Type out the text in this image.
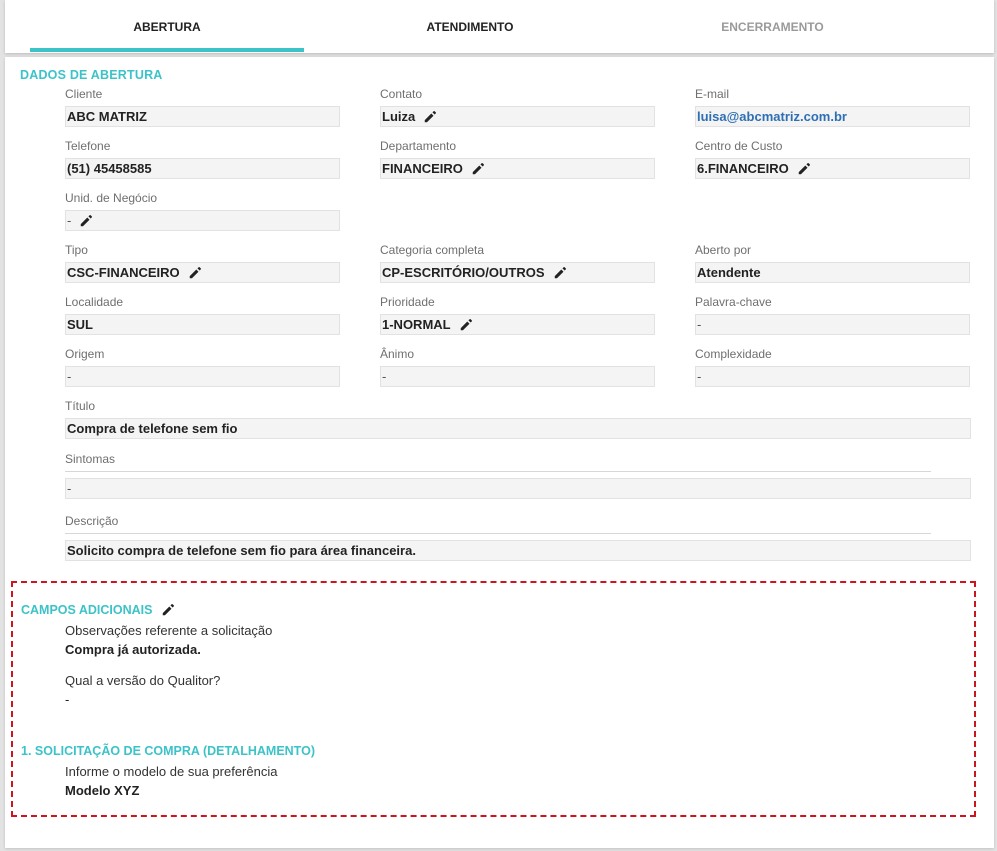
ABERTURA	ATENDIMENTO	ENCERRAMENTO
DADOS DE ABERTURA
Cliente
ABC MATRIZ
Contato
Luiza
E-mail
luisa@abcmatriz.com.br
Telefone
(51) 45458585
Departamento
FINANCEIRO
Centro de Custo
6.FINANCEIRO
Unid. de Negócio
-
Tipo
CSC-FINANCEIRO
Categoria completa
CP-ESCRITÓRIO/OUTROS
Aberto por
Atendente
Localidade
SUL
Prioridade
1-NORMAL
Palavra-chave
-
Origem
-
Ânimo
-
Complexidade
-
Título
Compra de telefone sem fio
Sintomas
-
Descrição
Solicito compra de telefone sem fio para área financeira.
CAMPOS ADICIONAIS
Observações referente a solicitação
Compra já autorizada.
Qual a versão do Qualitor?
-
1. SOLICITAÇÃO DE COMPRA (DETALHAMENTO)
Informe o modelo de sua preferência
Modelo XYZ
